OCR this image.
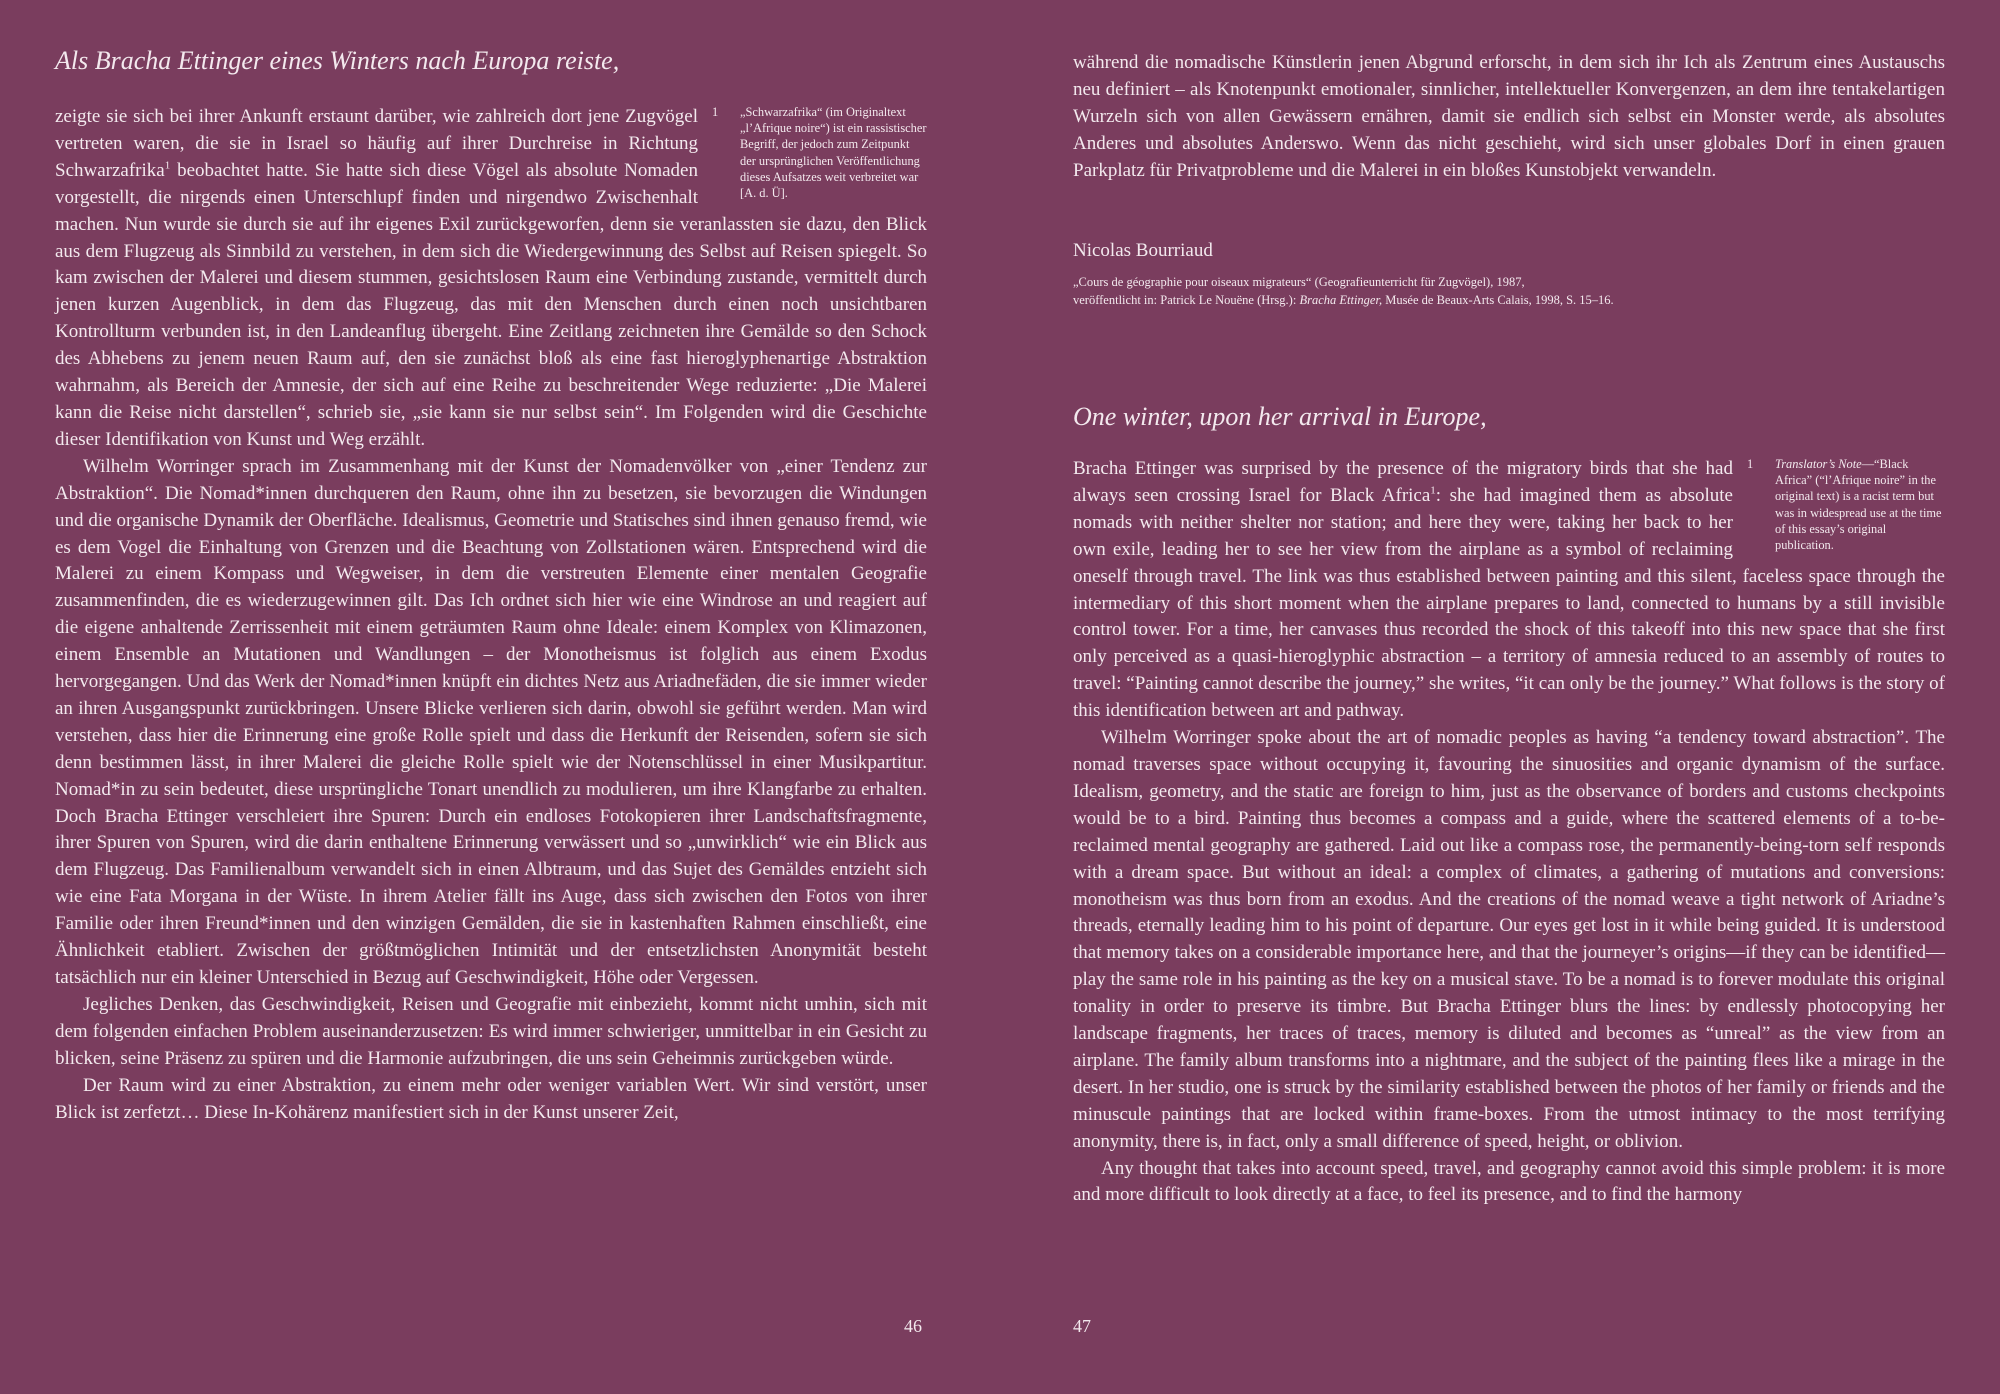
Als Bracha Ettinger eines Winters nach Europa reiste,

1	„Schwarzafrika“ (im Originaltext „l’Afrique noire“) ist ein rassistischer Begriff, der jedoch zum Zeitpunkt der ursprünglichen Veröffentlichung dieses Aufsatzes weit verbreitet war [A. d. Ü].
zeigte sie sich bei ihrer Ankunft erstaunt darüber, wie zahlreich dort jene Zugvögel vertreten waren, die sie in Israel so häufig auf ihrer Durchreise in Richtung Schwarzafrika$^1$ beobachtet hatte. Sie hatte sich diese Vögel als absolute Nomaden vorgestellt, die nirgends einen Unterschlupf finden und nirgendwo Zwischenhalt machen. Nun wurde sie durch sie auf ihr eigenes Exil zurückgeworfen, denn sie veranlassten sie dazu, den Blick aus dem Flugzeug als Sinnbild zu verstehen, in dem sich die Wiedergewinnung des Selbst auf Reisen spiegelt. So kam zwischen der Malerei und diesem stummen, gesichtslosen Raum eine Verbindung zustande, vermittelt durch jenen kurzen Augenblick, in dem das Flugzeug, das mit den Menschen durch einen noch unsichtbaren Kontrollturm verbunden ist, in den Landeanflug übergeht. Eine Zeitlang zeichneten ihre Gemälde so den Schock des Abhebens zu jenem neuen Raum auf, den sie zunächst bloß als eine fast hieroglyphenartige Abstraktion wahrnahm, als Bereich der Amnesie, der sich auf eine Reihe zu beschreitender Wege reduzierte: „Die Malerei kann die Reise nicht darstellen“, schrieb sie, „sie kann sie nur selbst sein“. Im Folgenden wird die Geschichte dieser Identifikation von Kunst und Weg erzählt.

Wilhelm Worringer sprach im Zusammenhang mit der Kunst der Nomadenvölker von „einer Tendenz zur Abstraktion“. Die Nomad*innen durchqueren den Raum, ohne ihn zu besetzen, sie bevorzugen die Windungen und die organische Dynamik der Oberfläche. Idealismus, Geometrie und Statisches sind ihnen genauso fremd, wie es dem Vogel die Einhaltung von Grenzen und die Beachtung von Zollstationen wären. Entsprechend wird die Malerei zu einem Kompass und Wegweiser, in dem die verstreuten Elemente einer mentalen Geografie zusammenfinden, die es wiederzugewinnen gilt. Das Ich ordnet sich hier wie eine Windrose an und reagiert auf die eigene anhaltende Zerrissenheit mit einem geträumten Raum ohne Ideale: einem Komplex von Klimazonen, einem Ensemble an Mutationen und Wandlungen – der Monotheismus ist folglich aus einem Exodus hervorgegangen. Und das Werk der Nomad*innen knüpft ein dichtes Netz aus Ariadnefäden, die sie immer wieder an ihren Ausgangspunkt zurückbringen. Unsere Blicke verlieren sich darin, obwohl sie geführt werden. Man wird verstehen, dass hier die Erinnerung eine große Rolle spielt und dass die Herkunft der Reisenden, sofern sie sich denn bestimmen lässt, in ihrer Malerei die gleiche Rolle spielt wie der Notenschlüssel in einer Musikpartitur. Nomad*in zu sein bedeutet, diese ursprüngliche Tonart unendlich zu modulieren, um ihre Klangfarbe zu erhalten. Doch Bracha Ettinger verschleiert ihre Spuren: Durch ein endloses Fotokopieren ihrer Landschaftsfragmente, ihrer Spuren von Spuren, wird die darin enthaltene Erinnerung verwässert und so „unwirklich“ wie ein Blick aus dem Flugzeug. Das Familienalbum verwandelt sich in einen Albtraum, und das Sujet des Gemäldes entzieht sich wie eine Fata Morgana in der Wüste. In ihrem Atelier fällt ins Auge, dass sich zwischen den Fotos von ihrer Familie oder ihren Freund*innen und den winzigen Gemälden, die sie in kastenhaften Rahmen einschließt, eine Ähnlichkeit etabliert. Zwischen der größtmöglichen Intimität und der entsetzlichsten Anonymität besteht tatsächlich nur ein kleiner Unterschied in Bezug auf Geschwindigkeit, Höhe oder Vergessen.

Jegliches Denken, das Geschwindigkeit, Reisen und Geografie mit einbezieht, kommt nicht umhin, sich mit dem folgenden einfachen Problem auseinanderzusetzen: Es wird immer schwieriger, unmittelbar in ein Gesicht zu blicken, seine Präsenz zu spüren und die Harmonie aufzubringen, die uns sein Geheimnis zurückgeben würde.

Der Raum wird zu einer Abstraktion, zu einem mehr oder weniger variablen Wert. Wir sind verstört, unser Blick ist zerfetzt… Diese In-Kohärenz manifestiert sich in der Kunst unserer Zeit,

46

während die nomadische Künstlerin jenen Abgrund erforscht, in dem sich ihr Ich als Zentrum eines Austauschs neu definiert – als Knotenpunkt emotionaler, sinnlicher, intellektueller Konvergenzen, an dem ihre tentakelartigen Wurzeln sich von allen Gewässern ernähren, damit sie endlich sich selbst ein Monster werde, als absolutes Anderes und absolutes Anderswo. Wenn das nicht geschieht, wird sich unser globales Dorf in einen grauen Parkplatz für Privatprobleme und die Malerei in ein bloßes Kunstobjekt verwandeln.

Nicolas Bourriaud
„Cours de géographie pour oiseaux migrateurs“ (Geografieunterricht für Zugvögel), 1987,
veröffentlicht in: Patrick Le Nouëne (Hrsg.): Bracha Ettinger, Musée de Beaux-Arts Calais, 1998, S. 15–16.
One winter, upon her arrival in Europe,

1	Translator’s Note—“Black Africa” (“l’Afrique noire” in the original text) is a racist term but was in widespread use at the time of this essay’s original publication.
Bracha Ettinger was surprised by the presence of the migratory birds that she had always seen crossing Israel for Black Africa$^1$: she had imagined them as absolute nomads with neither shelter nor station; and here they were, taking her back to her own exile, leading her to see her view from the airplane as a symbol of reclaiming oneself through travel. The link was thus established between painting and this silent, faceless space through the intermediary of this short moment when the airplane prepares to land, connected to humans by a still invisible control tower. For a time, her canvases thus recorded the shock of this takeoff into this new space that she first only perceived as a quasi-hieroglyphic abstraction – a territory of amnesia reduced to an assembly of routes to travel: “Painting cannot describe the journey,” she writes, “it can only be the journey.” What follows is the story of this identification between art and pathway.

Wilhelm Worringer spoke about the art of nomadic peoples as having “a tendency toward abstraction”. The nomad traverses space without occupying it, favouring the sinuosities and organic dynamism of the surface. Idealism, geometry, and the static are foreign to him, just as the observance of borders and customs checkpoints would be to a bird. Painting thus becomes a compass and a guide, where the scattered elements of a to-be-reclaimed mental geography are gathered. Laid out like a compass rose, the permanently-being-torn self responds with a dream space. But without an ideal: a complex of climates, a gathering of mutations and conversions: monotheism was thus born from an exodus. And the creations of the nomad weave a tight network of Ariadne’s threads, eternally leading him to his point of departure. Our eyes get lost in it while being guided. It is understood that memory takes on a considerable importance here, and that the journeyer’s origins—if they can be identified—play the same role in his painting as the key on a musical stave. To be a nomad is to forever modulate this original tonality in order to preserve its timbre. But Bracha Ettinger blurs the lines: by endlessly photocopying her landscape fragments, her traces of traces, memory is diluted and becomes as “unreal” as the view from an airplane. The family album transforms into a nightmare, and the subject of the painting flees like a mirage in the desert. In her studio, one is struck by the similarity established between the photos of her family or friends and the minuscule paintings that are locked within frame-boxes. From the utmost intimacy to the most terrifying anonymity, there is, in fact, only a small difference of speed, height, or oblivion.

Any thought that takes into account speed, travel, and geography cannot avoid this simple problem: it is more and more difficult to look directly at a face, to feel its presence, and to find the harmony

47
